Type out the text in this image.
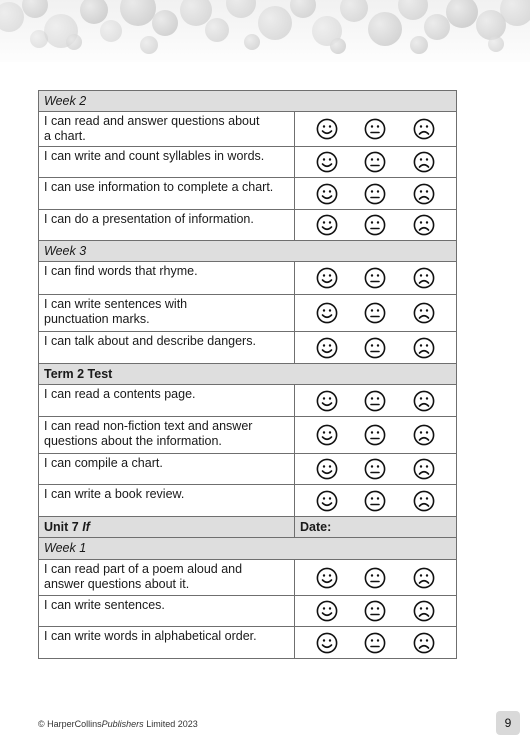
Week 2	
I can read and answer questions about
a chart.	

I can write and count syllables in words.	

I can use information to complete a chart.	

I can do a presentation of information.	

Week 3	
I can find words that rhyme.	

I can write sentences with
punctuation marks.	

I can talk about and describe dangers.	

Term 2 Test	
I can read a contents page.	

I can read non-fiction text and answer
questions about the information.	

I can compile a chart.	

I can write a book review.	

Unit 7 If	Date:
Week 1	
I can read part of a poem aloud and
answer questions about it.	

I can write sentences.	

I can write words in alphabetical order.	
© HarperCollinsPublishers Limited 2023	9
